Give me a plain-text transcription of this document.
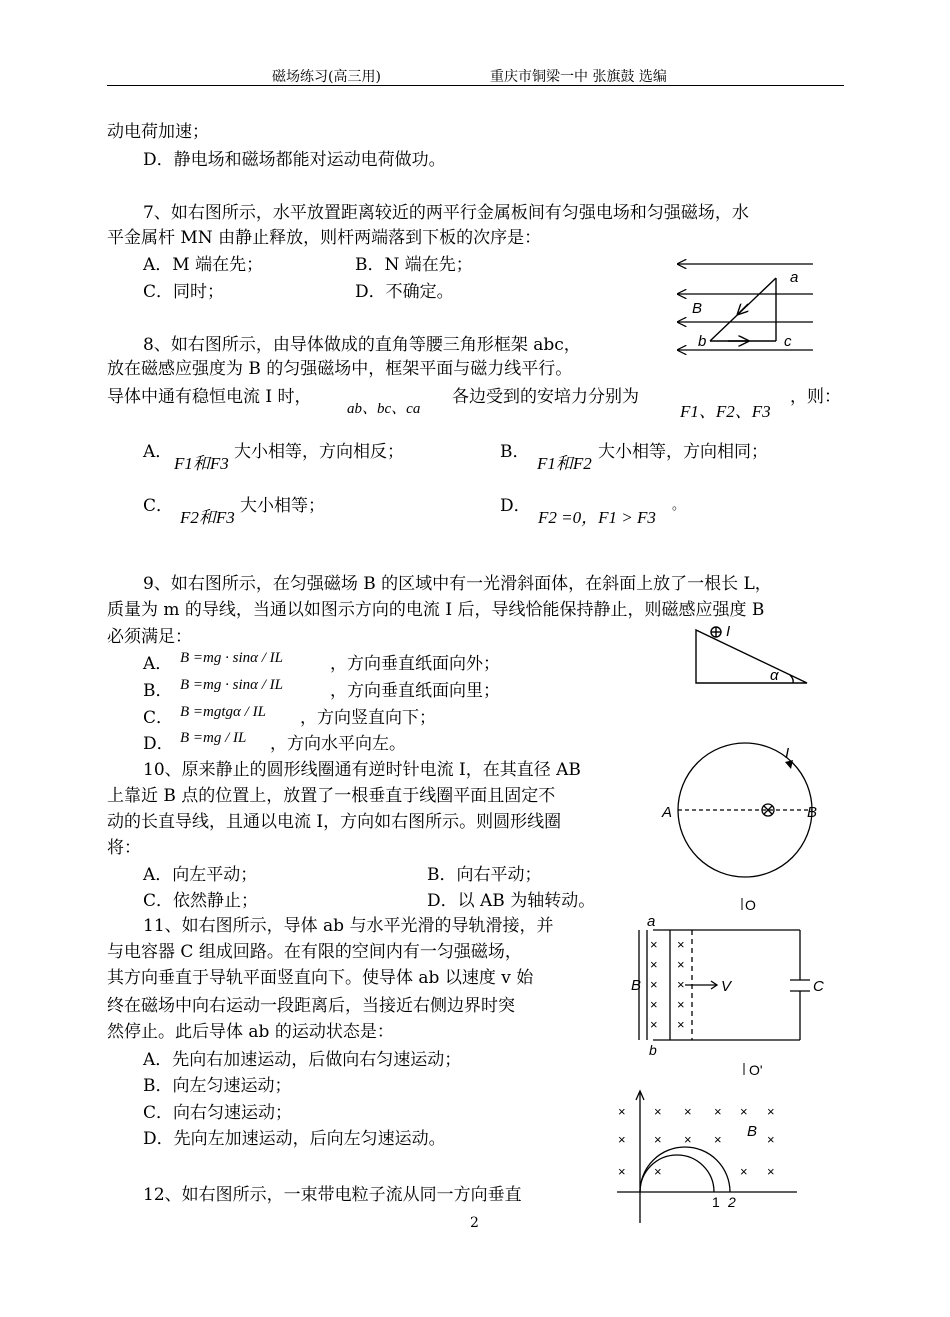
磁场练习(高三用)	重庆市铜梁一中 张旗鼓 选编
动电荷加速；
D．静电场和磁场都能对运动电荷做功。
7、如右图所示，水平放置距离较近的两平行金属板间有匀强电场和匀强磁场，水
平金属杆 MN 由静止释放，则杆两端落到下板的次序是：
A．M 端在先；	B．N 端在先；
C．同时；	D．不确定。
8、如右图所示，由导体做成的直角等腰三角形框架 abc，
放在磁感应强度为 B 的匀强磁场中，框架平面与磁力线平行。
导体中通有稳恒电流 I 时，
ab、bc、ca
各边受到的安培力分别为
F1、F2、F3
，则：
A．
F1和F3
大小相等，方向相反；	B．
F1和F2
大小相等，方向相同；
C．
F2和F3
大小相等；	D．
F2 =0，F1 > F3
。
9、如右图所示，在匀强磁场 B 的区域中有一光滑斜面体，在斜面上放了一根长 L，
质量为 m 的导线，当通以如图示方向的电流 I 后，导线恰能保持静止，则磁感应强度 B
必须满足：
A． B =mg · sinα / IL	，方向垂直纸面向外；
B． B =mg · sinα / IL	，方向垂直纸面向里；
C． B =mgtgα / IL ，方向竖直向下；
D． B =mg / IL ，方向水平向左。
10、原来静止的圆形线圈通有逆时针电流 I，在其直径 AB
上靠近 B 点的位置上，放置了一根垂直于线圈平面且固定不
动的长直导线，且通以电流 I，方向如右图所示。则圆形线圈
将：
A．向左平动；	B．向右平动；
C．依然静止；	D．以 AB 为轴转动。
11、如右图所示，导体 ab 与水平光滑的导轨滑接，并
与电容器 C 组成回路。在有限的空间内有一匀强磁场，
其方向垂直于导轨平面竖直向下。使导体 ab 以速度 v 始
终在磁场中向右运动一段距离后，当接近右侧边界时突
然停止。此后导体 ab 的运动状态是：
A．先向右加速运动，后做向右匀速运动；
B．向左匀速运动；
C．向右匀速运动；
D．先向左加速运动，后向左匀速运动。
12、如右图所示，一束带电粒子流从同一方向垂直
2
a
B
b	c
I
α
I
A	B
O
× ×
× ×
× ×
× ×
× ×
a
B	V	C
b
O'
× × × × × ×
× × × ×	×
× ×	× ×
B
1 2
